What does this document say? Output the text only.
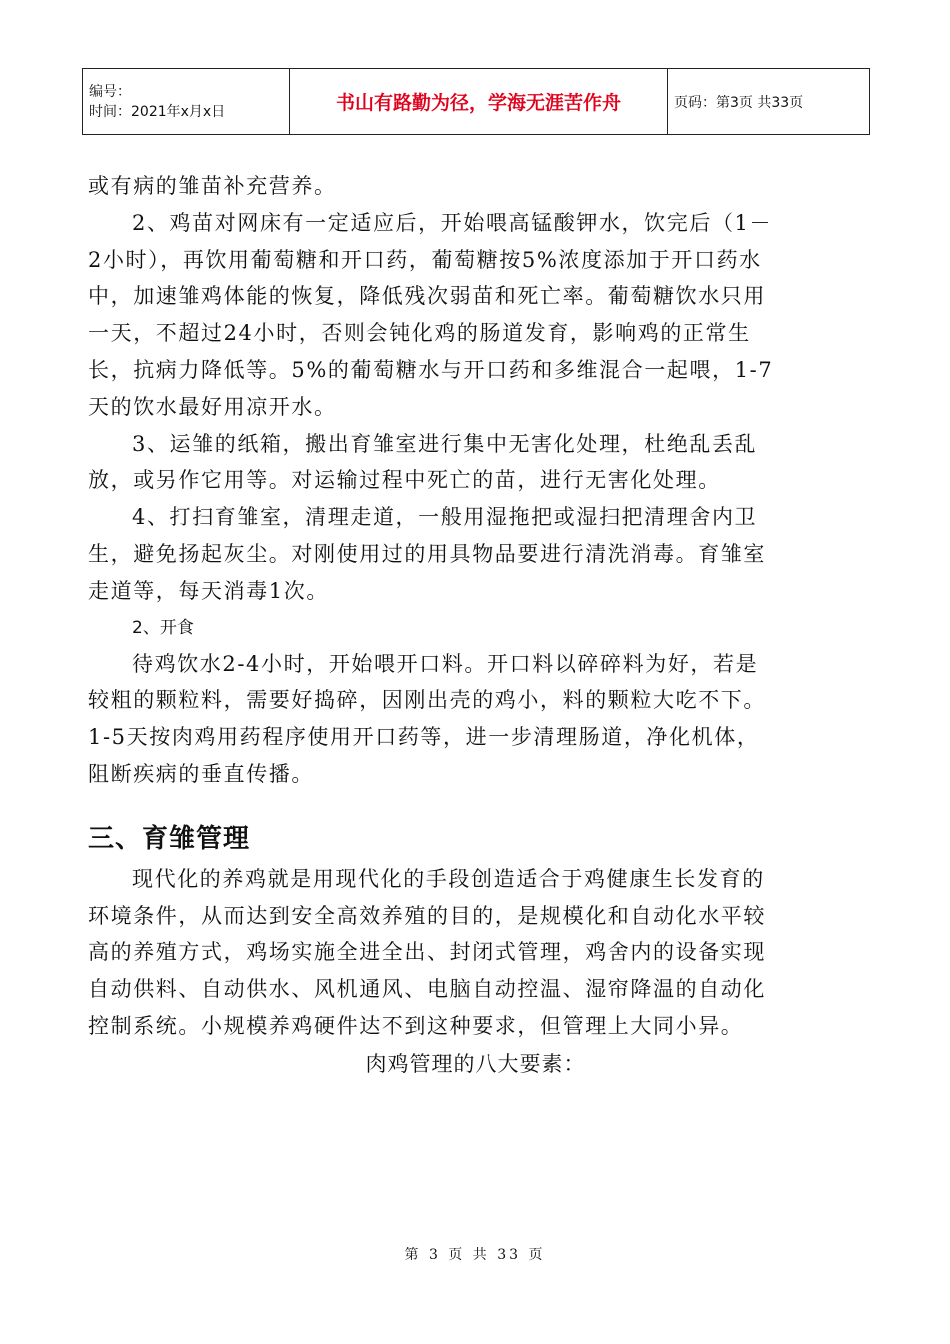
编号：
时间：2021年x月x日	书山有路勤为径，学海无涯苦作舟	页码：第3页 共33页

或有病的雏苗补充营养。

2、鸡苗对网床有一定适应后，开始喂高锰酸钾水，饮完后（1－

2小时），再饮用葡萄糖和开口药，葡萄糖按5%浓度添加于开口药水

中，加速雏鸡体能的恢复，降低残次弱苗和死亡率。葡萄糖饮水只用

一天，不超过24小时，否则会钝化鸡的肠道发育，影响鸡的正常生

长，抗病力降低等。5%的葡萄糖水与开口药和多维混合一起喂，1-7

天的饮水最好用凉开水。

3、运雏的纸箱，搬出育雏室进行集中无害化处理，杜绝乱丢乱

放，或另作它用等。对运输过程中死亡的苗，进行无害化处理。

4、打扫育雏室，清理走道，一般用湿拖把或湿扫把清理舍内卫

生，避免扬起灰尘。对刚使用过的用具物品要进行清洗消毒。育雏室

走道等，每天消毒1次。

2、开食

待鸡饮水2-4小时，开始喂开口料。开口料以碎碎料为好，若是

较粗的颗粒料，需要好捣碎，因刚出壳的鸡小，料的颗粒大吃不下。

1-5天按肉鸡用药程序使用开口药等，进一步清理肠道，净化机体，

阻断疾病的垂直传播。

三、育雏管理

现代化的养鸡就是用现代化的手段创造适合于鸡健康生长发育的

环境条件，从而达到安全高效养殖的目的，是规模化和自动化水平较

高的养殖方式，鸡场实施全进全出、封闭式管理，鸡舍内的设备实现

自动供料、自动供水、风机通风、电脑自动控温、湿帘降温的自动化

控制系统。小规模养鸡硬件达不到这种要求，但管理上大同小异。

肉鸡管理的八大要素：

第 3 页 共 33 页
